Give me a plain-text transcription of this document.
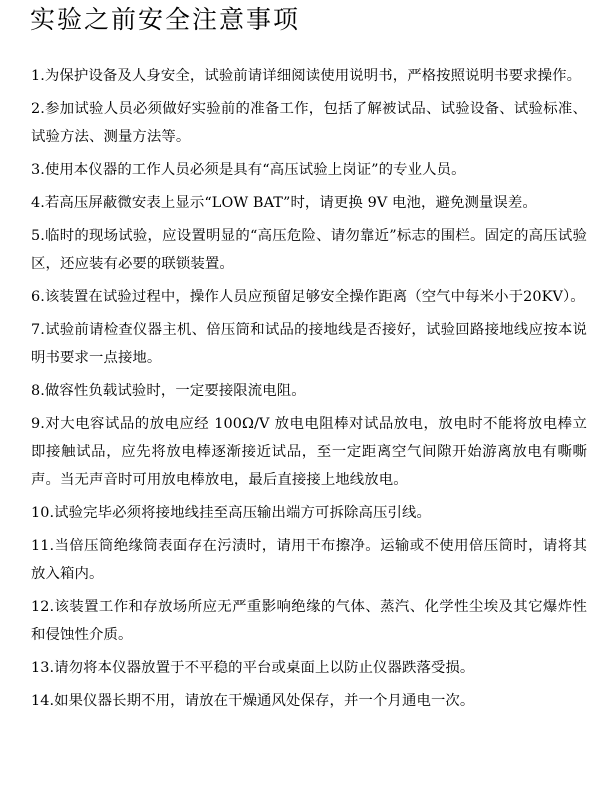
实验之前安全注意事项
1.为保护设备及人身安全，试验前请详细阅读使用说明书，严格按照说明书要求操作。
2.参加试验人员必须做好实验前的准备工作，包括了解被试品、试验设备、试验标准、试验方法、测量方法等。
3.使用本仪器的工作人员必须是具有“高压试验上岗证”的专业人员。
4.若高压屏蔽微安表上显示“LOW BAT”时，请更换 9V 电池，避免测量误差。
5.临时的现场试验，应设置明显的“高压危险、请勿靠近”标志的围栏。固定的高压试验区，还应装有必要的联锁装置。
6.该装置在试验过程中，操作人员应预留足够安全操作距离（空气中每米小于20KV）。
7.试验前请检查仪器主机、倍压筒和试品的接地线是否接好，试验回路接地线应按本说明书要求一点接地。
8.做容性负载试验时，一定要接限流电阻。
9.对大电容试品的放电应经 100Ω/V 放电电阻棒对试品放电，放电时不能将放电棒立即接触试品，应先将放电棒逐渐接近试品，至一定距离空气间隙开始游离放电有嘶嘶声。当无声音时可用放电棒放电，最后直接接上地线放电。
10.试验完毕必须将接地线挂至高压输出端方可拆除高压引线。
11.当倍压筒绝缘筒表面存在污渍时，请用干布擦净。运输或不使用倍压筒时，请将其放入箱内。
12.该装置工作和存放场所应无严重影响绝缘的气体、蒸汽、化学性尘埃及其它爆炸性和侵蚀性介质。
13.请勿将本仪器放置于不平稳的平台或桌面上以防止仪器跌落受损。
14.如果仪器长期不用，请放在干燥通风处保存，并一个月通电一次。
